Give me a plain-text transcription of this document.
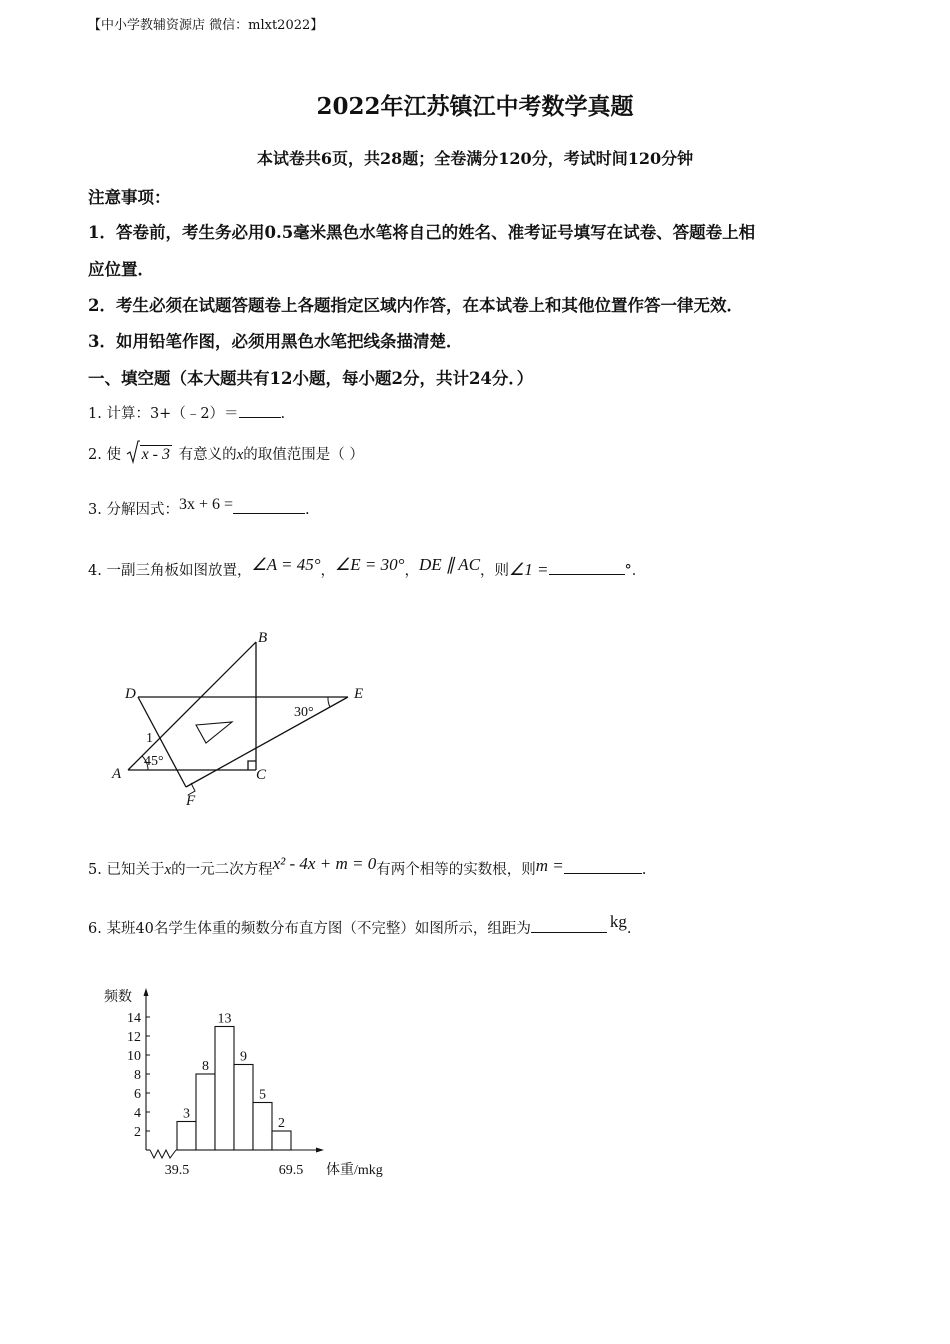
【中小学教辅资源店 微信：mlxt2022】
2022年江苏镇江中考数学真题
本试卷共6页，共28题；全卷满分120分，考试时间120分钟
注意事项：
1．答卷前，考生务必用0.5毫米黑色水笔将自己的姓名、准考证号填写在试卷、答题卷上相
应位置．
2．考生必须在试题答题卷上各题指定区域内作答，在本试卷上和其他位置作答一律无效．
3．如用铅笔作图，必须用黑色水笔把线条描清楚．
一、填空题（本大题共有12小题，每小题2分，共计24分．）
1. 计算：3+（﹣2）＝	.
2. 使 x - 3 有意义的x的取值范围是（ ）
3. 分解因式：3x + 6 =	.
4. 一副三角板如图放置，∠A = 45°，∠E = 30°，DE ∥ AC，则∠1 =	°．
B
D	E
A	C
F
1
45°
30°
5. 已知关于x的一元二次方程x² - 4x + m = 0有两个相等的实数根，则m =	.
6. 某班40名学生体重的频数分布直方图（不完整）如图所示，组距为	kg.
频数
体重/mkg
2
4
6
8
10
12
14
3
8
13
9
5
2
39.5	69.5
